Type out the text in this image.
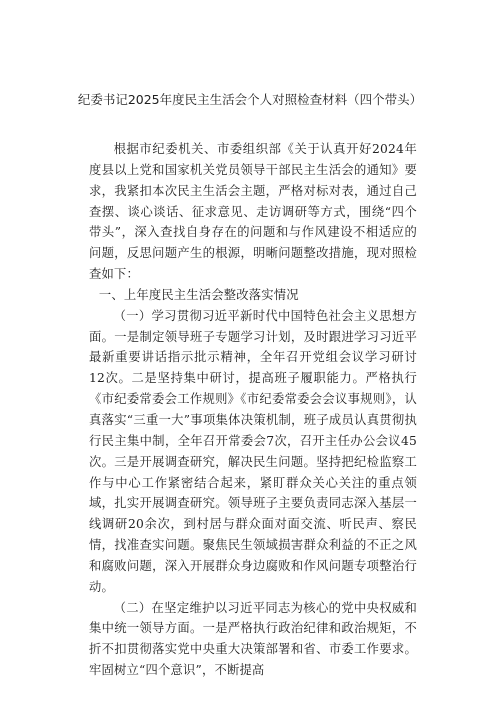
纪委书记2025年度民主生活会个人对照检查材料（四个带头）

根据市纪委机关、市委组织部《关于认真开好2024年度县以上党和国家机关党员领导干部民主生活会的通知》要求，我紧扣本次民主生活会主题，严格对标对表，通过自己查摆、谈心谈话、征求意见、走访调研等方式，围绕“四个带头”，深入查找自身存在的问题和与作风建设不相适应的问题，反思问题产生的根源，明晰问题整改措施，现对照检查如下：

一、上年度民主生活会整改落实情况

（一）学习贯彻习近平新时代中国特色社会主义思想方面。一是制定领导班子专题学习计划，及时跟进学习习近平最新重要讲话指示批示精神，全年召开党组会议学习研讨12次。二是坚持集中研讨，提高班子履职能力。严格执行《市纪委常委会工作规则》《市纪委常委会会议事规则》，认真落实“三重一大”事项集体决策机制，班子成员认真贯彻执行民主集中制，全年召开常委会7次，召开主任办公会议45次。三是开展调查研究，解决民生问题。坚持把纪检监察工作与中心工作紧密结合起来，紧盯群众关心关注的重点领域，扎实开展调查研究。领导班子主要负责同志深入基层一线调研20余次，到村居与群众面对面交流、听民声、察民情，找准查实问题。聚焦民生领域损害群众利益的不正之风和腐败问题，深入开展群众身边腐败和作风问题专项整治行动。

（二）在坚定维护以习近平同志为核心的党中央权威和集中统一领导方面。一是严格执行政治纪律和政治规矩，不折不扣贯彻落实党中央重大决策部署和省、市委工作要求。牢固树立“四个意识”，不断提高
